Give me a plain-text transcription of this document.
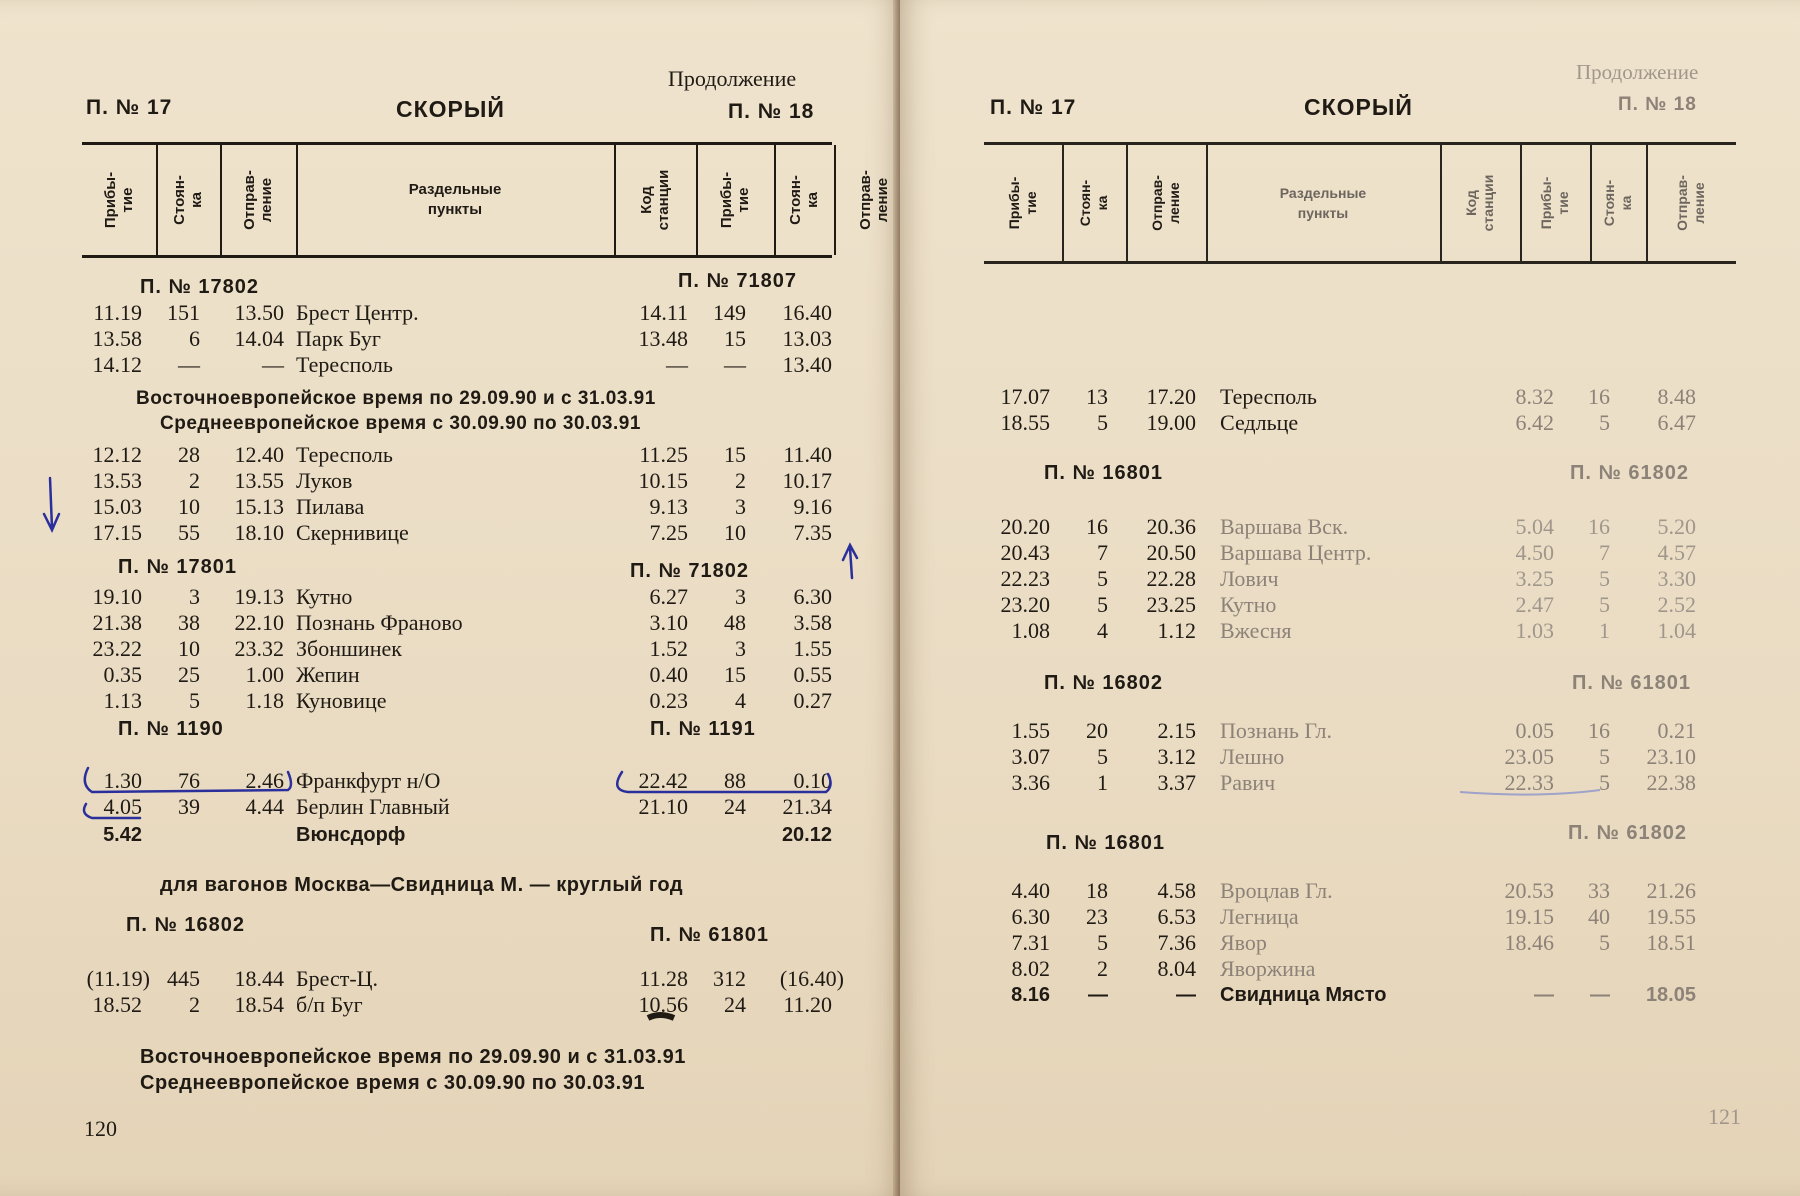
Продолжение
П. № 17	СКОРЫЙ	П. № 18
Прибы-
тие Стоян-
ка Отправ-
ление	Раздельные
пункты	Код
станции	Прибы-
тие Стоян-
ка Отправ-
ление
П. № 17802	П. № 71807
11.19	151	13.50 Брест Центр.	14.11	149	16.40
13.58	6	14.04 Парк Буг	13.48	15	13.03
14.12	—	— Тересполь	—	—	13.40
Восточноевропейское время по 29.09.90 и с 31.03.91
Среднеевропейское время с 30.09.90 по 30.03.91
12.12	28	12.40 Тересполь	11.25	15	11.40
13.53	2	13.55 Луков	10.15	2	10.17
15.03	10	15.13 Пилава	9.13	3	9.16
17.15	55	18.10 Скернивице	7.25	10	7.35
П. № 17801	П. № 71802
19.10	3	19.13 Кутно	6.27	3	6.30
21.38	38	22.10 Познань Франово	3.10	48	3.58
23.22	10	23.32 Збоншинек	1.52	3	1.55
0.35	25	1.00 Жепин	0.40	15	0.55
1.13	5	1.18 Куновице	0.23	4	0.27
П. № 1190	П. № 1191
1.30	76	2.46 Франкфурт н/О	22.42	88	0.10
4.05	39	4.44 Берлин Главный	21.10	24	21.34
5.42	Вюнсдорф	20.12
для вагонов Москва—Свидница М. — круглый год
П. № 16802	П. № 61801
(11.19) 445	18.44 Брест-Ц.	11.28	312	(16.40)
18.52	2	18.54 б/п Буг	10.56	24	11.20
Восточноевропейское время по 29.09.90 и с 31.03.91
Среднеевропейское время с 30.09.90 по 30.03.91
120
Продолжение
П. № 17	СКОРЫЙ	П. № 18
Прибы-
тие	Стоян-
ка	Отправ-
ление	Раздельные
пункты	Код
станции	Прибы-
тие Стоян-
ка	Отправ-
ление
17.07	13	17.20 Тересполь	8.32	16	8.48
18.55	5	19.00 Седльце	6.42	5	6.47
П. № 16801	П. № 61802
20.20	16	20.36 Варшава Вск.	5.04	16	5.20
20.43	7	20.50 Варшава Центр.	4.50	7	4.57
22.23	5	22.28 Лович	3.25	5	3.30
23.20	5	23.25 Кутно	2.47	5	2.52
1.08	4	1.12 Вжесня	1.03	1	1.04
П. № 16802	П. № 61801
1.55	20	2.15 Познань Гл.	0.05	16	0.21
3.07	5	3.12 Лешно	23.05	5	23.10
3.36	1	3.37 Равич	22.33	5	22.38
П. № 16801	П. № 61802
4.40	18	4.58 Вроцлав Гл.	20.53	33	21.26
6.30	23	6.53 Легница	19.15	40	19.55
7.31	5	7.36 Явор	18.46	5	18.51
8.02	2	8.04 Яворжина
8.16	—	— Свидница Място	—	—	18.05
121
